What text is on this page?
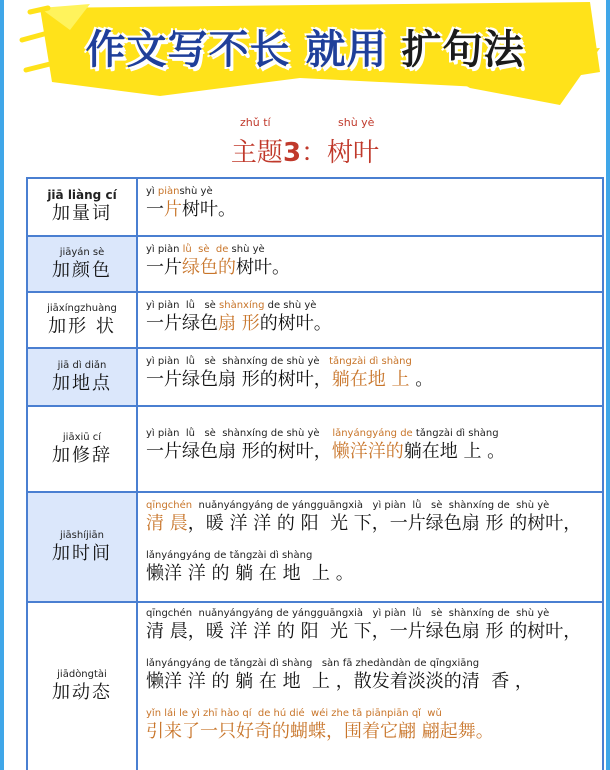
作文写不长 就用 扩句法
zhǔ tí	shù yè
主题3：树叶
jiā liàng cí
加量词
yì piànshù yè
一片树叶。
jiāyán sè
加颜色
yì piàn lǜ  sè  de shù yè
一片绿色的树叶。
jiāxíngzhuàng
加形 状
yì piàn  lǜ   sè shànxíng de shù yè
一片绿色扇 形的树叶。
jiā dì diǎn
加地点
yì piàn  lǜ   sè  shànxíng de shù yè   tǎngzài dì shàng
一片绿色扇 形的树叶，躺在地 上 。
jiāxiū cí
加修辞
yì piàn  lǜ   sè  shànxíng de shù yè    lǎnyángyáng de tǎngzài dì shàng
一片绿色扇 形的树叶，懒洋洋的躺在地 上 。
jiāshíjiān
加时间
qīngchén  nuǎnyángyáng de yángguāngxià   yì piàn  lǜ   sè  shànxíng de  shù yè
清 晨，暖 洋 洋 的 阳  光 下，一片绿色扇 形 的树叶，
lǎnyángyáng de tǎngzài dì shàng
懒洋 洋 的 躺 在 地  上 。
jiādòngtài
加动态
qīngchén  nuǎnyángyáng de yángguāngxià   yì piàn  lǜ   sè  shànxíng de  shù yè
清 晨，暖 洋 洋 的 阳  光 下，一片绿色扇 形 的树叶，
lǎnyángyáng de tǎngzài dì shàng   sàn fā zhedàndàn de qīngxiāng
懒洋 洋 的 躺 在 地  上 ，散发着淡淡的清  香 ，
yǐn lái le yì zhī hào qí  de hú dié  wéi zhe tā piānpiān qǐ  wǔ
引来了一只好奇的蝴蝶，围着它翩 翩起舞。
